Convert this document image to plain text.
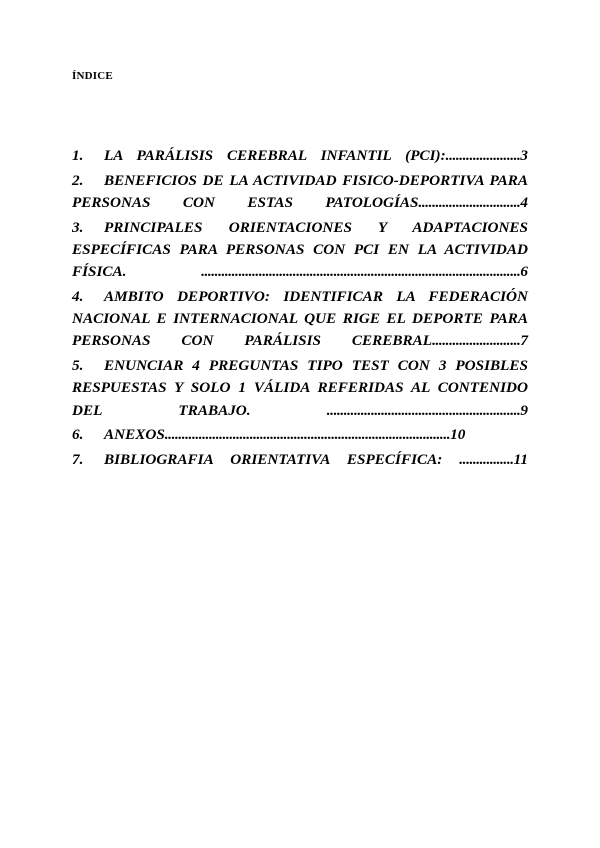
ÍNDICE
1. LA PARÁLISIS CEREBRAL INFANTIL (PCI):......................3
2. BENEFICIOS DE LA ACTIVIDAD FISICO-DEPORTIVA PARA PERSONAS CON ESTAS PATOLOGÍAS..............................4
3. PRINCIPALES ORIENTACIONES Y ADAPTACIONES ESPECÍFICAS PARA PERSONAS CON PCI EN LA ACTIVIDAD FÍSICA. ..............................................................................................6
4. AMBITO DEPORTIVO: IDENTIFICAR LA FEDERACIÓN NACIONAL E INTERNACIONAL QUE RIGE EL DEPORTE PARA PERSONAS CON PARÁLISIS CEREBRAL..........................7
5. ENUNCIAR 4 PREGUNTAS TIPO TEST CON 3 POSIBLES RESPUESTAS Y SOLO 1 VÁLIDA REFERIDAS AL CONTENIDO DEL TRABAJO. .........................................................9
6. ANEXOS....................................................................................10
7. BIBLIOGRAFIA ORIENTATIVA ESPECÍFICA: ................11
